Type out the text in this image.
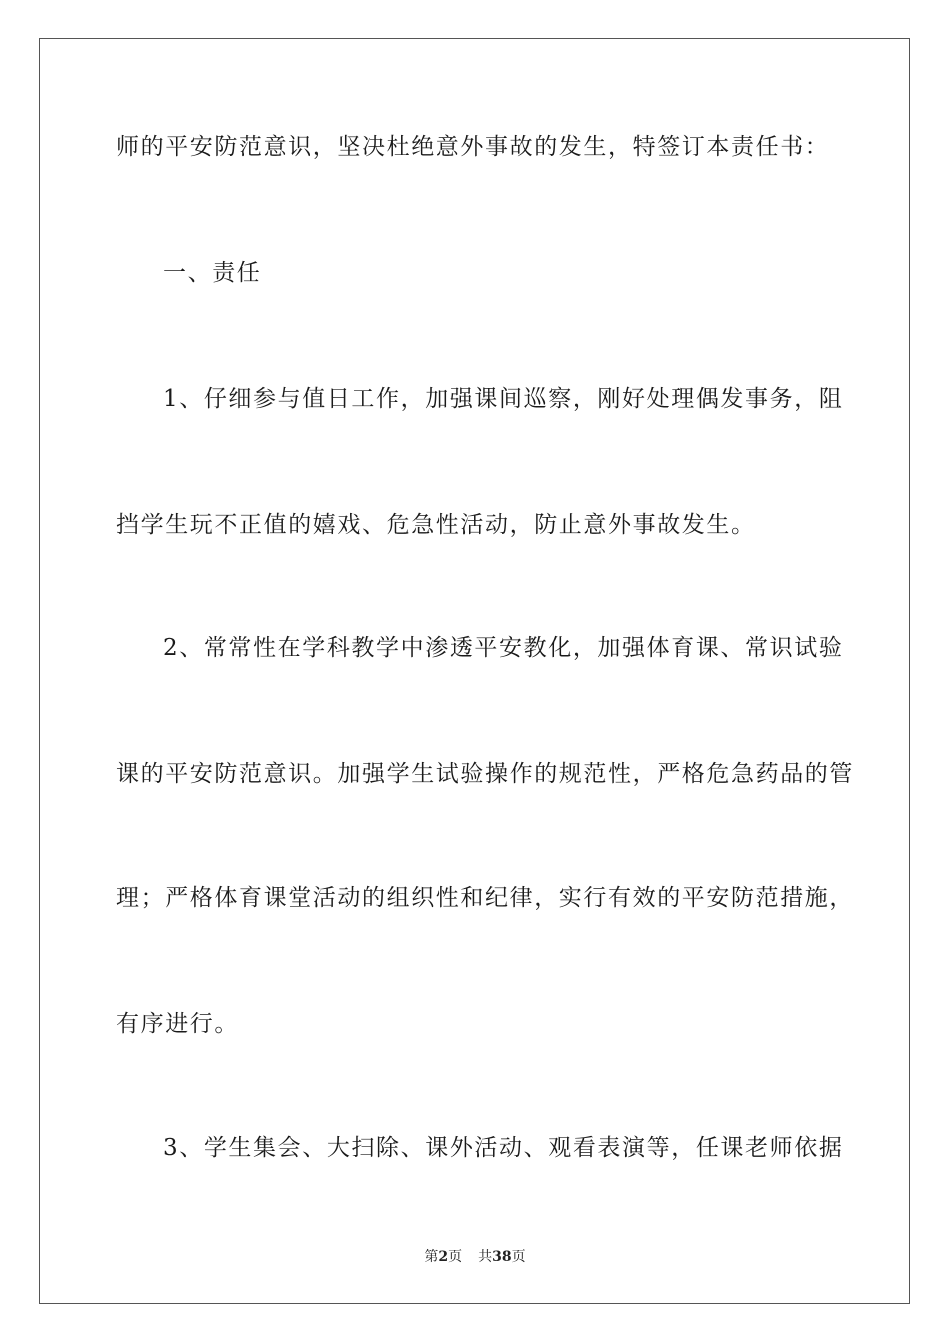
师的平安防范意识，坚决杜绝意外事故的发生，特签订本责任书：
一、责任
1、仔细参与值日工作，加强课间巡察，刚好处理偶发事务，阻
挡学生玩不正值的嬉戏、危急性活动，防止意外事故发生。
2、常常性在学科教学中渗透平安教化，加强体育课、常识试验
课的平安防范意识。加强学生试验操作的规范性，严格危急药品的管
理；严格体育课堂活动的组织性和纪律，实行有效的平安防范措施，
有序进行。
3、学生集会、大扫除、课外活动、观看表演等，任课老师依据
第2页 共38页
